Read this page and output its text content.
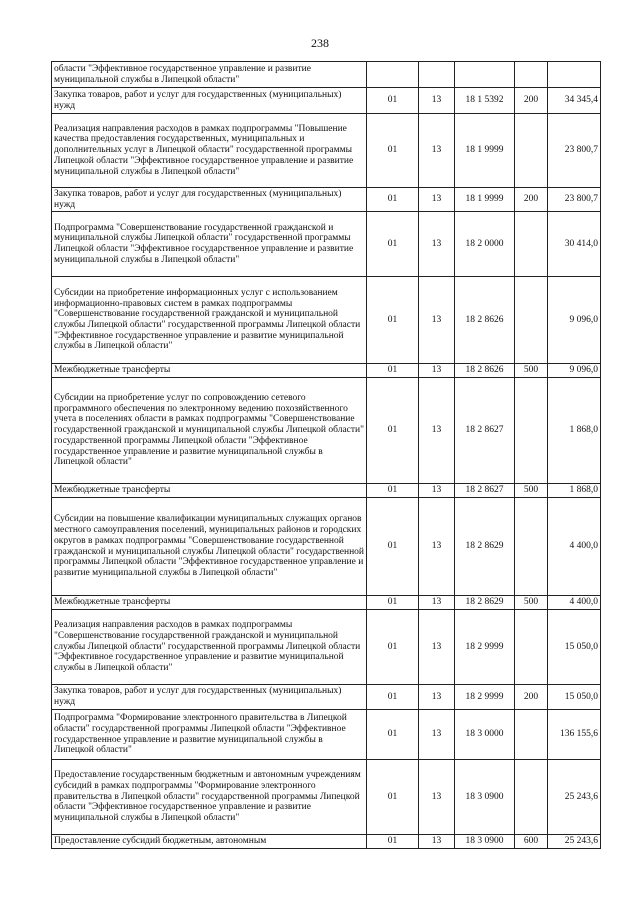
238
области "Эффективное государственное управление и развитие муниципальной службы в Липецкой области"					
Закупка товаров, работ и услуг для государственных (муниципальных) нужд	01	13	18 1 5392	200	34 345,4
Реализация направления расходов в рамках подпрограммы "Повышение качества предоставления государственных, муниципальных и дополнительных услуг в Липецкой области" государственной программы Липецкой области "Эффективное государственное управление и развитие муниципальной службы в Липецкой области"	01	13	18 1 9999		23 800,7
Закупка товаров, работ и услуг для государственных (муниципальных) нужд	01	13	18 1 9999	200	23 800,7
Подпрограмма "Совершенствование государственной гражданской и муниципальной службы Липецкой области" государственной программы Липецкой области "Эффективное государственное управление и развитие муниципальной службы в Липецкой области"	01	13	18 2 0000		30 414,0
Субсидии на приобретение информационных услуг с использованием информационно-правовых систем в рамках подпрограммы "Совершенствование государственной гражданской и муниципальной службы Липецкой области" государственной программы Липецкой области "Эффективное государственное управление и развитие муниципальной службы в Липецкой области"	01	13	18 2 8626		9 096,0
Межбюджетные трансферты	01	13	18 2 8626	500	9 096,0
Субсидии на приобретение услуг по сопровождению сетевого программного обеспечения по электронному ведению похозяйственного учета в поселениях области в рамках подпрограммы "Совершенствование государственной гражданской и муниципальной службы Липецкой области" государственной программы Липецкой области "Эффективное государственное управление и развитие муниципальной службы в Липецкой области"	01	13	18 2 8627		1 868,0
Межбюджетные трансферты	01	13	18 2 8627	500	1 868,0
Субсидии на повышение квалификации муниципальных служащих органов местного самоуправления поселений, муниципальных районов и городских округов в рамках подпрограммы "Совершенствование государственной гражданской и муниципальной службы Липецкой области" государственной программы Липецкой области "Эффективное государственное управление и развитие муниципальной службы в Липецкой области"	01	13	18 2 8629		4 400,0
Межбюджетные трансферты	01	13	18 2 8629	500	4 400,0
Реализация направления расходов в рамках подпрограммы "Совершенствование государственной гражданской и муниципальной службы Липецкой области" государственной программы Липецкой области "Эффективное государственное управление и развитие муниципальной службы в Липецкой области"	01	13	18 2 9999		15 050,0
Закупка товаров, работ и услуг для государственных (муниципальных) нужд	01	13	18 2 9999	200	15 050,0
Подпрограмма "Формирование электронного правительства в Липецкой области" государственной программы Липецкой области "Эффективное государственное управление и развитие муниципальной службы в Липецкой области"	01	13	18 3 0000		136 155,6
Предоставление государственным бюджетным и автономным учреждениям субсидий в рамках подпрограммы "Формирование электронного правительства в Липецкой области" государственной программы Липецкой области "Эффективное государственное управление и развитие муниципальной службы в Липецкой области"	01	13	18 3 0900		25 243,6
Предоставление субсидий бюджетным, автономным	01	13	18 3 0900	600	25 243,6
